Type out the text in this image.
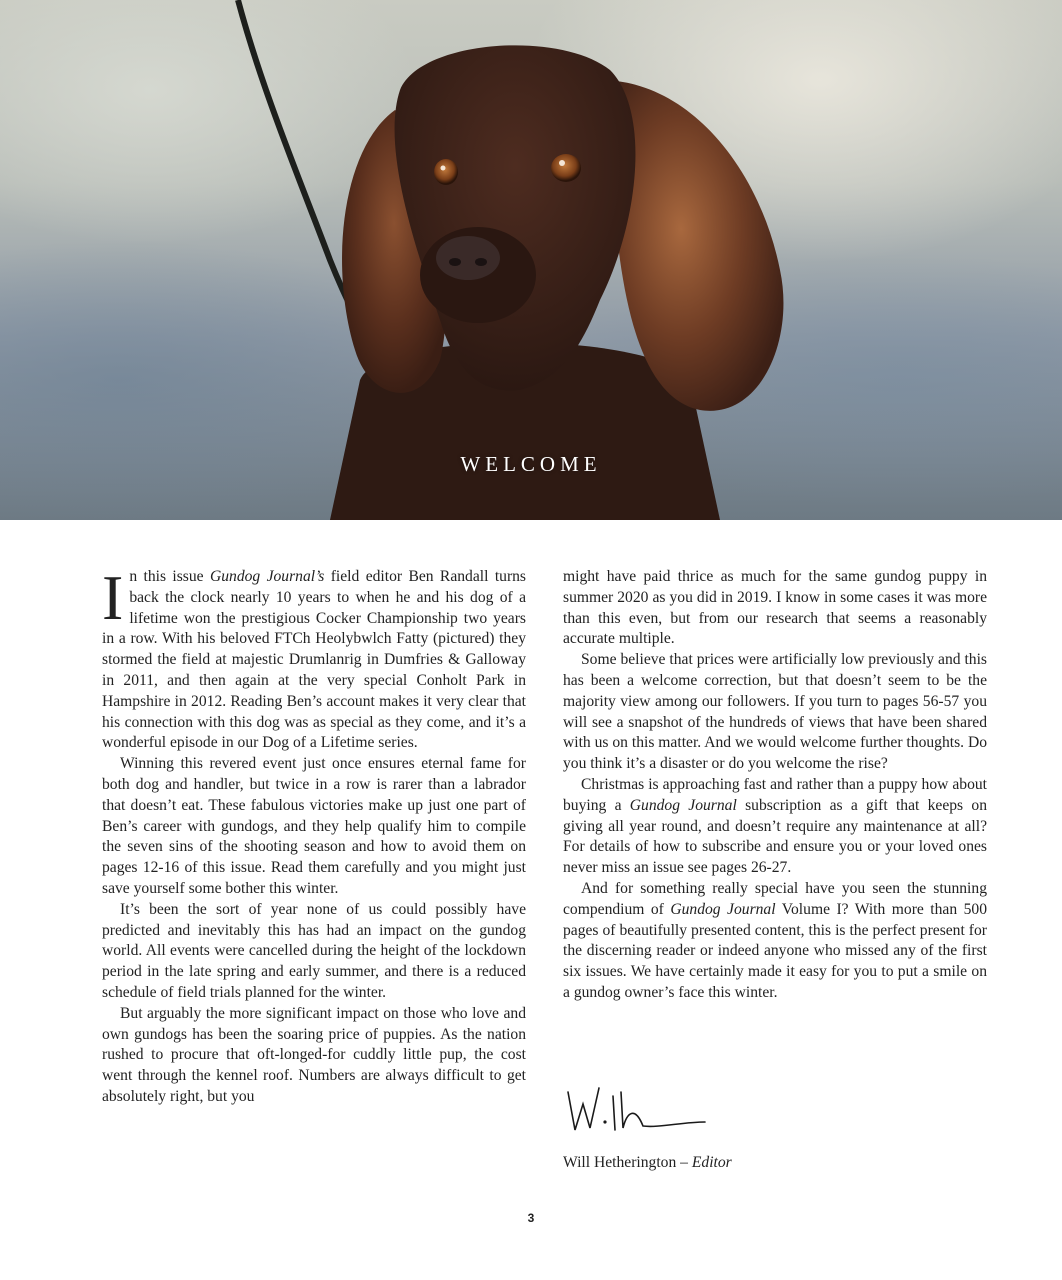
WELCOME

In this issue Gundog Journal’s field editor Ben Randall turns back the clock nearly 10 years to when he and his dog of a lifetime won the prestigious Cocker Championship two years in a row. With his beloved FTCh Heolybwlch Fatty (pictured) they stormed the field at majestic Drumlanrig in Dumfries & Galloway in 2011, and then again at the very special Conholt Park in Hampshire in 2012. Reading Ben’s account makes it very clear that his connection with this dog was as special as they come, and it’s a wonderful episode in our Dog of a Lifetime series.

Winning this revered event just once ensures eternal fame for both dog and handler, but twice in a row is rarer than a labrador that doesn’t eat. These fabulous victories make up just one part of Ben’s career with gundogs, and they help qualify him to compile the seven sins of the shooting season and how to avoid them on pages 12-16 of this issue. Read them carefully and you might just save yourself some bother this winter.

It’s been the sort of year none of us could possibly have predicted and inevitably this has had an impact on the gundog world. All events were cancelled during the height of the lockdown period in the late spring and early summer, and there is a reduced schedule of field trials planned for the winter.

But arguably the more significant impact on those who love and own gundogs has been the soaring price of puppies. As the nation rushed to procure that oft-longed-for cuddly little pup, the cost went through the kennel roof. Numbers are always difficult to get absolutely right, but you

might have paid thrice as much for the same gundog puppy in summer 2020 as you did in 2019. I know in some cases it was more than this even, but from our research that seems a reasonably accurate multiple.

Some believe that prices were artificially low previously and this has been a welcome correction, but that doesn’t seem to be the majority view among our followers. If you turn to pages 56-57 you will see a snapshot of the hundreds of views that have been shared with us on this matter. And we would welcome further thoughts. Do you think it’s a disaster or do you welcome the rise?

Christmas is approaching fast and rather than a puppy how about buying a Gundog Journal subscription as a gift that keeps on giving all year round, and doesn’t require any maintenance at all? For details of how to subscribe and ensure you or your loved ones never miss an issue see pages 26-27.

And for something really special have you seen the stunning compendium of Gundog Journal Volume I? With more than 500 pages of beautifully presented content, this is the perfect present for the discerning reader or indeed anyone who missed any of the first six issues. We have certainly made it easy for you to put a smile on a gundog owner’s face this winter.

Will Hetherington – Editor
3
